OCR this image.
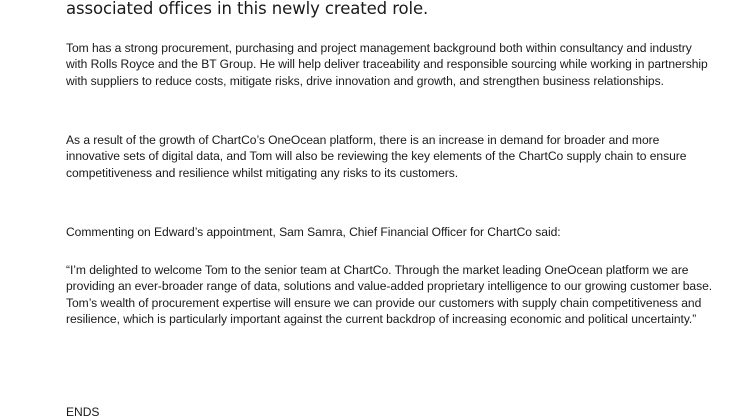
associated offices in this newly created role.

Tom has a strong procurement, purchasing and project management background both within consultancy and industry with Rolls Royce and the BT Group. He will help deliver traceability and responsible sourcing while working in partnership with suppliers to reduce costs, mitigate risks, drive innovation and growth, and strengthen business relationships.

As a result of the growth of ChartCo’s OneOcean platform, there is an increase in demand for broader and more innovative sets of digital data, and Tom will also be reviewing the key elements of the ChartCo supply chain to ensure competitiveness and resilience whilst mitigating any risks to its customers.

Commenting on Edward’s appointment, Sam Samra, Chief Financial Officer for ChartCo said:

“I’m delighted to welcome Tom to the senior team at ChartCo. Through the market leading OneOcean platform we are providing an ever-broader range of data, solutions and value-added proprietary intelligence to our growing customer base. Tom’s wealth of procurement expertise will ensure we can provide our customers with supply chain competitiveness and resilience, which is particularly important against the current backdrop of increasing economic and political uncertainty.”

ENDS
